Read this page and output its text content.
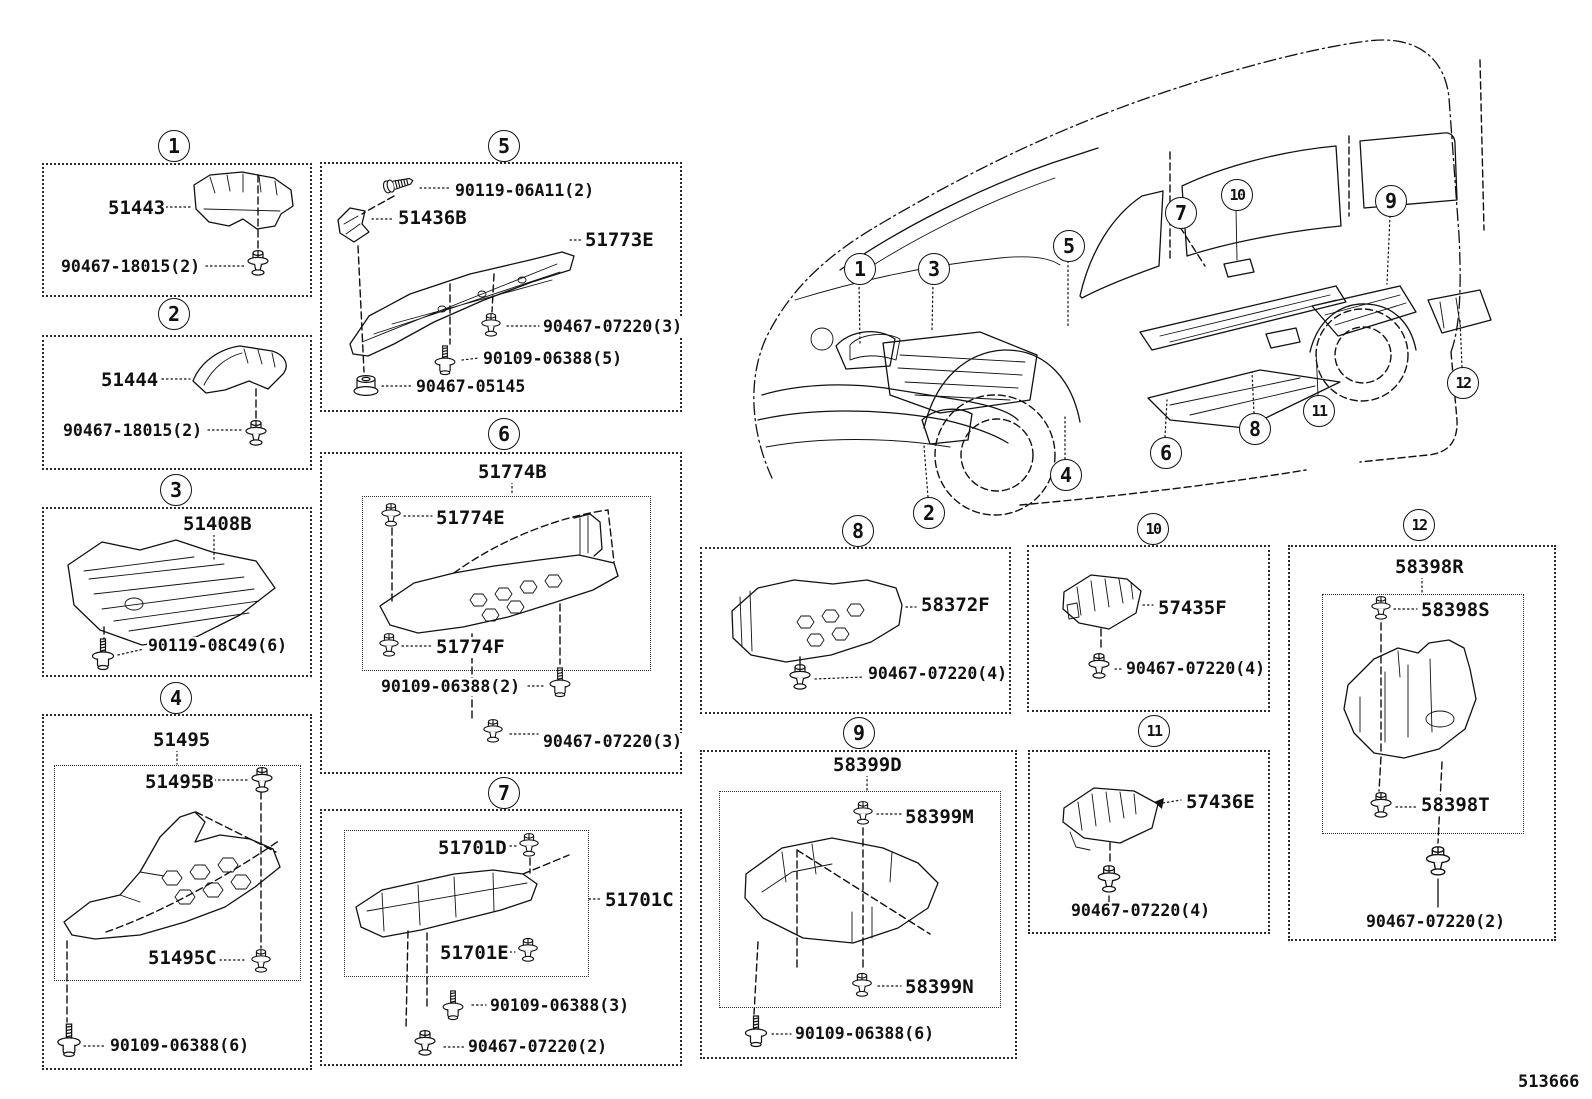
1
51443
90467-18015(2)
2
51444
90467-18015(2)
3
51408B
90119-08C49(6)
4
51495
51495B
51495C
90109-06388(6)
5
90119-06A11(2)
51436B
51773E
90467-07220(3)
90109-06388(5)
90467-05145
6
51774B
51774E
51774F
90109-06388(2)
90467-07220(3)
7
51701D
51701C
51701E
90109-06388(3)
90467-07220(2)
8
58372F
90467-07220(4)
9
58399D
58399M
58399N
90109-06388(6)
10
57435F
90467-07220(4)
11
57436E
90467-07220(4)
12
58398R
58398S
58398T
90467-07220(2)
1	3
5
7
10	9
2
4
6
8
11
12
513666
